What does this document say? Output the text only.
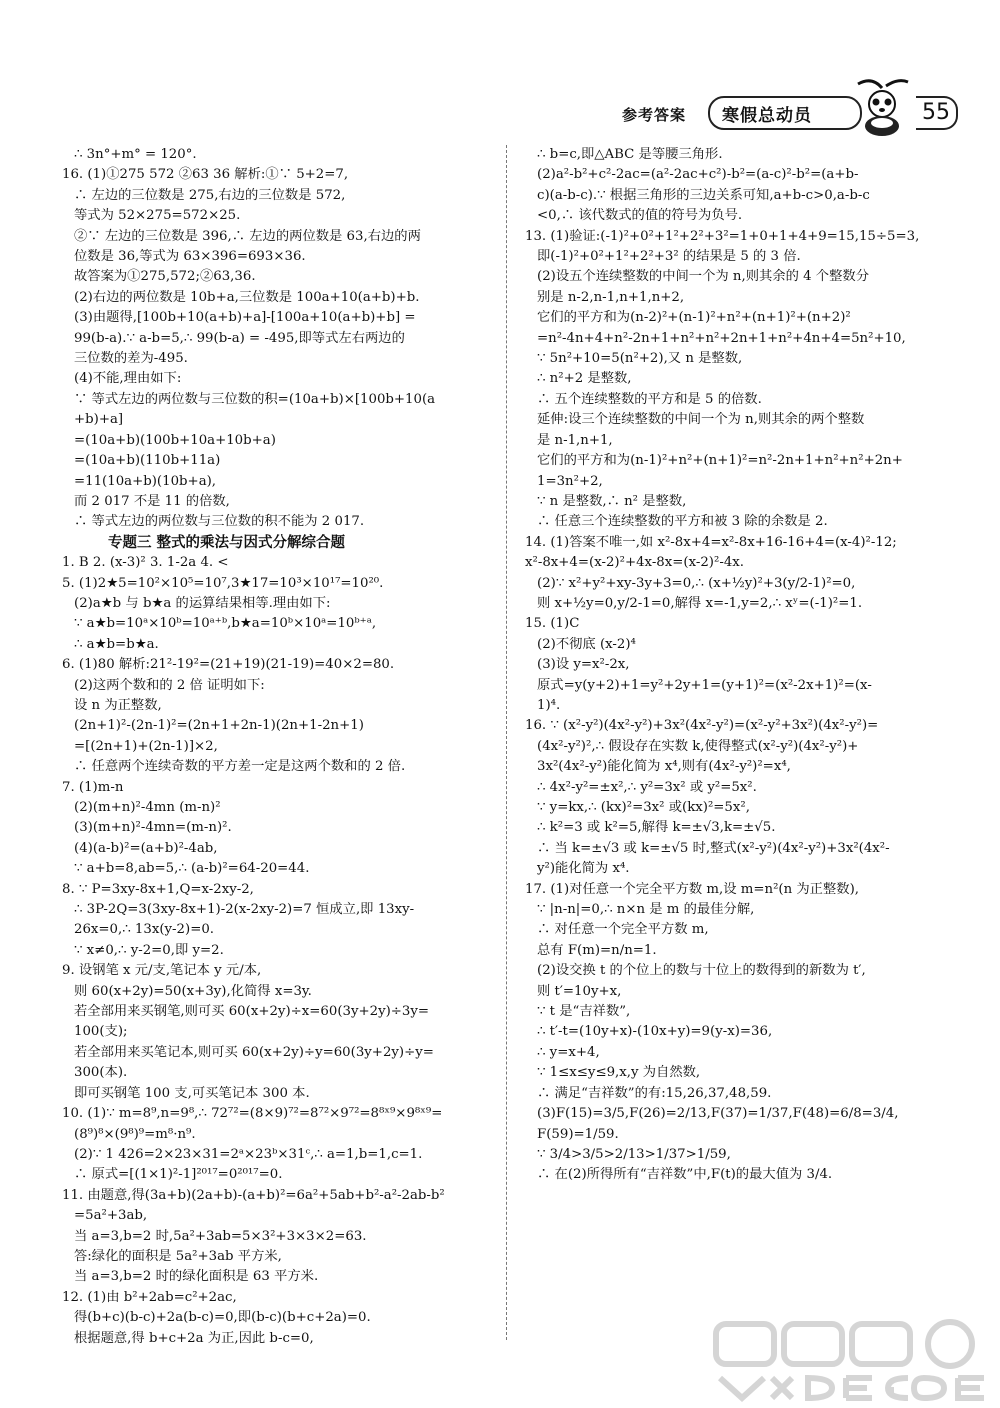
参考答案 寒假总动员	55
∴ 3n°+m° = 120°.
16. (1)①275 572 ②63 36 解析:①∵ 5+2=7,
∴ 左边的三位数是 275,右边的三位数是 572,
等式为 52×275=572×25.
②∵ 左边的三位数是 396,∴ 左边的两位数是 63,右边的两
位数是 36,等式为 63×396=693×36.
故答案为①275,572;②63,36.
(2)右边的两位数是 10b+a,三位数是 100a+10(a+b)+b.
(3)由题得,[100b+10(a+b)+a]-[100a+10(a+b)+b] =
99(b-a).∵ a-b=5,∴ 99(b-a) = -495,即等式左右两边的
三位数的差为-495.
(4)不能,理由如下:
∵ 等式左边的两位数与三位数的积=(10a+b)×[100b+10(a
+b)+a]
=(10a+b)(100b+10a+10b+a)
=(10a+b)(110b+11a)
=11(10a+b)(10b+a),
而 2 017 不是 11 的倍数,
∴ 等式左边的两位数与三位数的积不能为 2 017.
专题三 整式的乘法与因式分解综合题
1. B 2. (x-3)² 3. 1-2a 4. <
5. (1)2★5=10²×10⁵=10⁷,3★17=10³×10¹⁷=10²⁰.
(2)a★b 与 b★a 的运算结果相等.理由如下:
∵ a★b=10ᵃ×10ᵇ=10ᵃ⁺ᵇ,b★a=10ᵇ×10ᵃ=10ᵇ⁺ᵃ,
∴ a★b=b★a.
6. (1)80 解析:21²-19²=(21+19)(21-19)=40×2=80.
(2)这两个数和的 2 倍 证明如下:
设 n 为正整数,
(2n+1)²-(2n-1)²=(2n+1+2n-1)(2n+1-2n+1)
=[(2n+1)+(2n-1)]×2,
∴ 任意两个连续奇数的平方差一定是这两个数和的 2 倍.
7. (1)m-n
(2)(m+n)²-4mn (m-n)²
(3)(m+n)²-4mn=(m-n)².
(4)(a-b)²=(a+b)²-4ab,
∵ a+b=8,ab=5,∴ (a-b)²=64-20=44.
8. ∵ P=3xy-8x+1,Q=x-2xy-2,
∴ 3P-2Q=3(3xy-8x+1)-2(x-2xy-2)=7 恒成立,即 13xy-
26x=0,∴ 13x(y-2)=0.
∵ x≠0,∴ y-2=0,即 y=2.
9. 设钢笔 x 元/支,笔记本 y 元/本,
则 60(x+2y)=50(x+3y),化简得 x=3y.
若全部用来买钢笔,则可买 60(x+2y)÷x=60(3y+2y)÷3y=
100(支);
若全部用来买笔记本,则可买 60(x+2y)÷y=60(3y+2y)÷y=
300(本).
即可买钢笔 100 支,可买笔记本 300 本.
10. (1)∵ m=8⁹,n=9⁸,∴ 72⁷²=(8×9)⁷²=8⁷²×9⁷²=8⁸ˣ⁹×9⁸ˣ⁹=
(8⁹)⁸×(9⁸)⁹=m⁸·n⁹.
(2)∵ 1 426=2×23×31=2ᵃ×23ᵇ×31ᶜ,∴ a=1,b=1,c=1.
∴ 原式=[(1×1)²-1]²⁰¹⁷=0²⁰¹⁷=0.
11. 由题意,得(3a+b)(2a+b)-(a+b)²=6a²+5ab+b²-a²-2ab-b²
=5a²+3ab,
当 a=3,b=2 时,5a²+3ab=5×3²+3×3×2=63.
答:绿化的面积是 5a²+3ab 平方米,
当 a=3,b=2 时的绿化面积是 63 平方米.
12. (1)由 b²+2ab=c²+2ac,
得(b+c)(b-c)+2a(b-c)=0,即(b-c)(b+c+2a)=0.
根据题意,得 b+c+2a 为正,因此 b-c=0,
∴ b=c,即△ABC 是等腰三角形.
(2)a²-b²+c²-2ac=(a²-2ac+c²)-b²=(a-c)²-b²=(a+b-
c)(a-b-c).∵ 根据三角形的三边关系可知,a+b-c>0,a-b-c
<0,∴ 该代数式的值的符号为负号.
13. (1)验证:(-1)²+0²+1²+2²+3²=1+0+1+4+9=15,15÷5=3,
即(-1)²+0²+1²+2²+3² 的结果是 5 的 3 倍.
(2)设五个连续整数的中间一个为 n,则其余的 4 个整数分
别是 n-2,n-1,n+1,n+2,
它们的平方和为(n-2)²+(n-1)²+n²+(n+1)²+(n+2)²
=n²-4n+4+n²-2n+1+n²+n²+2n+1+n²+4n+4=5n²+10,
∵ 5n²+10=5(n²+2),又 n 是整数,
∴ n²+2 是整数,
∴ 五个连续整数的平方和是 5 的倍数.
延伸:设三个连续整数的中间一个为 n,则其余的两个整数
是 n-1,n+1,
它们的平方和为(n-1)²+n²+(n+1)²=n²-2n+1+n²+n²+2n+
1=3n²+2,
∵ n 是整数,∴ n² 是整数,
∴ 任意三个连续整数的平方和被 3 除的余数是 2.
14. (1)答案不唯一,如 x²-8x+4=x²-8x+16-16+4=(x-4)²-12;
x²-8x+4=(x-2)²+4x-8x=(x-2)²-4x.
(2)∵ x²+y²+xy-3y+3=0,∴ (x+½y)²+3(y/2-1)²=0,
则 x+½y=0,y/2-1=0,解得 x=-1,y=2,∴ xʸ=(-1)²=1.
15. (1)C
(2)不彻底 (x-2)⁴
(3)设 y=x²-2x,
原式=y(y+2)+1=y²+2y+1=(y+1)²=(x²-2x+1)²=(x-
1)⁴.
16. ∵ (x²-y²)(4x²-y²)+3x²(4x²-y²)=(x²-y²+3x²)(4x²-y²)=
(4x²-y²)²,∴ 假设存在实数 k,使得整式(x²-y²)(4x²-y²)+
3x²(4x²-y²)能化简为 x⁴,则有(4x²-y²)²=x⁴,
∴ 4x²-y²=±x²,∴ y²=3x² 或 y²=5x².
∵ y=kx,∴ (kx)²=3x² 或(kx)²=5x²,
∴ k²=3 或 k²=5,解得 k=±√3,k=±√5.
∴ 当 k=±√3 或 k=±√5 时,整式(x²-y²)(4x²-y²)+3x²(4x²-
y²)能化简为 x⁴.
17. (1)对任意一个完全平方数 m,设 m=n²(n 为正整数),
∵ |n-n|=0,∴ n×n 是 m 的最佳分解,
∴ 对任意一个完全平方数 m,
总有 F(m)=n/n=1.
(2)设交换 t 的个位上的数与十位上的数得到的新数为 t′,
则 t′=10y+x,
∵ t 是“吉祥数”,
∴ t′-t=(10y+x)-(10x+y)=9(y-x)=36,
∴ y=x+4,
∵ 1≤x≤y≤9,x,y 为自然数,
∴ 满足“吉祥数”的有:15,26,37,48,59.
(3)F(15)=3/5,F(26)=2/13,F(37)=1/37,F(48)=6/8=3/4,
F(59)=1/59.
∵ 3/4>3/5>2/13>1/37>1/59,
∴ 在(2)所得所有“吉祥数”中,F(t)的最大值为 3/4.
